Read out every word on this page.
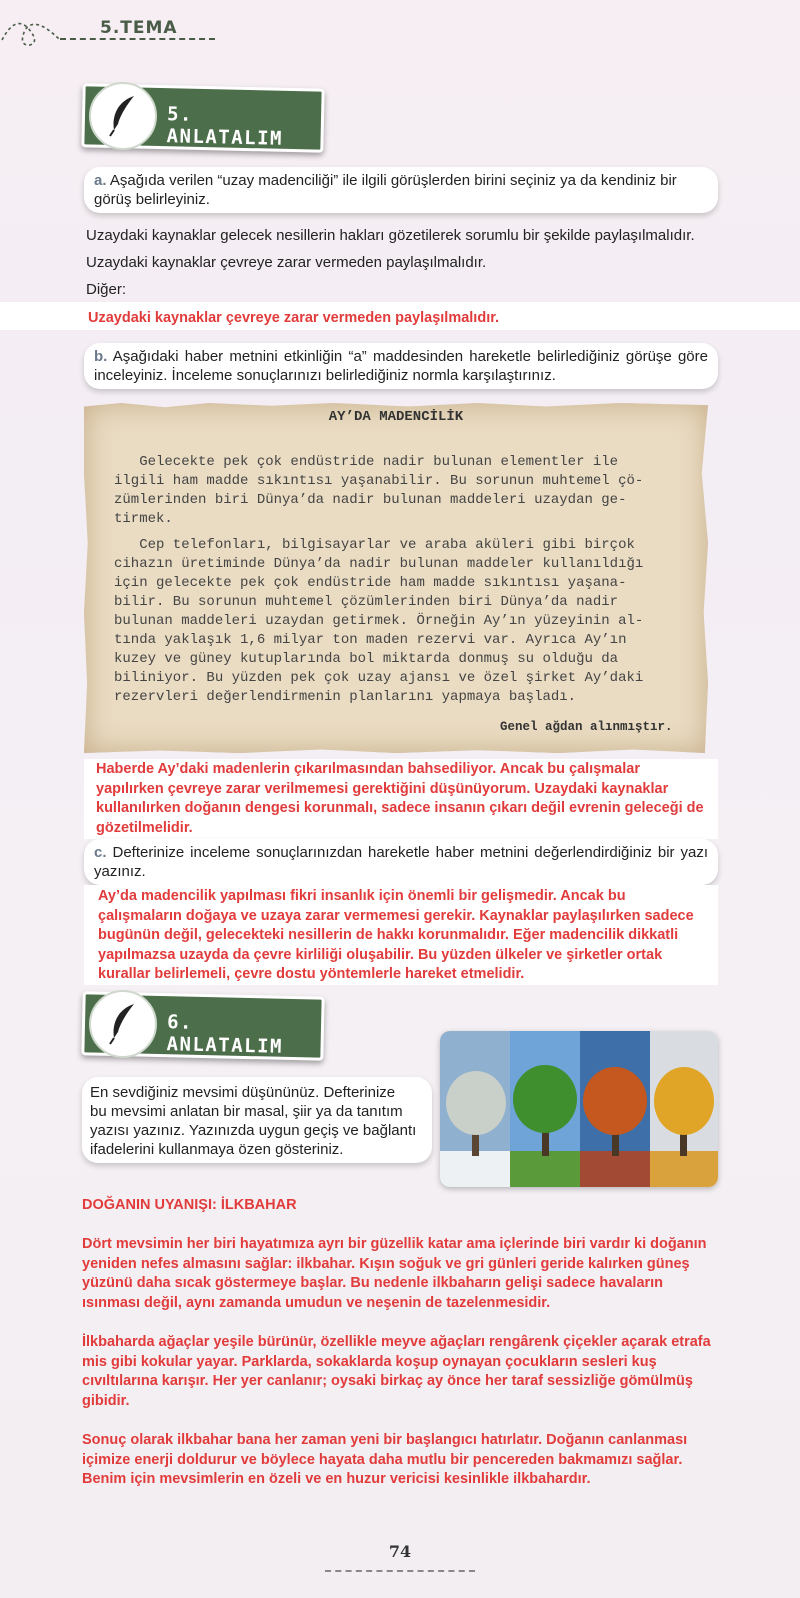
5.TEMA
5. ANLATALIM
a. Aşağıda verilen “uzay madenciliği” ile ilgili görüşlerden birini seçiniz ya da kendiniz bir görüş belirleyiniz.
Uzaydaki kaynaklar gelecek nesillerin hakları gözetilerek sorumlu bir şekilde paylaşılmalıdır.
Uzaydaki kaynaklar çevreye zarar vermeden paylaşılmalıdır.
Diğer:
Uzaydaki kaynaklar çevreye zarar vermeden paylaşılmalıdır.
b. Aşağıdaki haber metnini etkinliğin “a” maddesinden hareketle belirlediğiniz görüşe göre inceleyiniz. İnceleme sonuçlarınızı belirlediğiniz normla karşılaştırınız.
AY’DA MADENCİLİK

Gelecekte pek çok endüstride nadir bulunan elementler ile
ilgili ham madde sıkıntısı yaşanabilir. Bu sorunun muhtemel çö-
zümlerinden biri Dünya’da nadir bulunan maddeleri uzaydan ge-
tirmek.

Cep telefonları, bilgisayarlar ve araba aküleri gibi birçok
cihazın üretiminde Dünya’da nadir bulunan maddeler kullanıldığı
için gelecekte pek çok endüstride ham madde sıkıntısı yaşana-
bilir. Bu sorunun muhtemel çözümlerinden biri Dünya’da nadir
bulunan maddeleri uzaydan getirmek. Örneğin Ay’ın yüzeyinin al-
tında yaklaşık 1,6 milyar ton maden rezervi var. Ayrıca Ay’ın
kuzey ve güney kutuplarında bol miktarda donmuş su olduğu da
biliniyor. Bu yüzden pek çok uzay ajansı ve özel şirket Ay’daki
rezervleri değerlendirmenin planlarını yapmaya başladı.

Genel ağdan alınmıştır.
Haberde Ay’daki madenlerin çıkarılmasından bahsediliyor. Ancak bu çalışmalar
yapılırken çevreye zarar verilmemesi gerektiğini düşünüyorum. Uzaydaki kaynaklar
kullanılırken doğanın dengesi korunmalı, sadece insanın çıkarı değil evrenin geleceği de
gözetilmelidir.
c. Defterinize inceleme sonuçlarınızdan hareketle haber metnini değerlendirdiğiniz bir yazı yazınız.
Ay’da madencilik yapılması fikri insanlık için önemli bir gelişmedir. Ancak bu
çalışmaların doğaya ve uzaya zarar vermemesi gerekir. Kaynaklar paylaşılırken sadece
bugünün değil, gelecekteki nesillerin de hakkı korunmalıdır. Eğer madencilik dikkatli
yapılmazsa uzayda da çevre kirliliği oluşabilir. Bu yüzden ülkeler ve şirketler ortak
kurallar belirlemeli, çevre dostu yöntemlerle hareket etmelidir.
6. ANLATALIM
En sevdiğiniz mevsimi düşününüz. Defterinize
bu mevsimi anlatan bir masal, şiir ya da tanıtım
yazısı yazınız. Yazınızda uygun geçiş ve bağlantı
ifadelerini kullanmaya özen gösteriniz.
DOĞANIN UYANIŞI: İLKBAHAR
Dört mevsimin her biri hayatımıza ayrı bir güzellik katar ama içlerinde biri vardır ki doğanın
yeniden nefes almasını sağlar: ilkbahar. Kışın soğuk ve gri günleri geride kalırken güneş
yüzünü daha sıcak göstermeye başlar. Bu nedenle ilkbaharın gelişi sadece havaların
ısınması değil, aynı zamanda umudun ve neşenin de tazelenmesidir.
İlkbaharda ağaçlar yeşile bürünür, özellikle meyve ağaçları rengârenk çiçekler açarak etrafa
mis gibi kokular yayar. Parklarda, sokaklarda koşup oynayan çocukların sesleri kuş
cıvıltılarına karışır. Her yer canlanır; oysaki birkaç ay önce her taraf sessizliğe gömülmüş
gibidir.
Sonuç olarak ilkbahar bana her zaman yeni bir başlangıcı hatırlatır. Doğanın canlanması
içimize enerji doldurur ve böylece hayata daha mutlu bir pencereden bakmamızı sağlar.
Benim için mevsimlerin en özeli ve en huzur vericisi kesinlikle ilkbahardır.
74
